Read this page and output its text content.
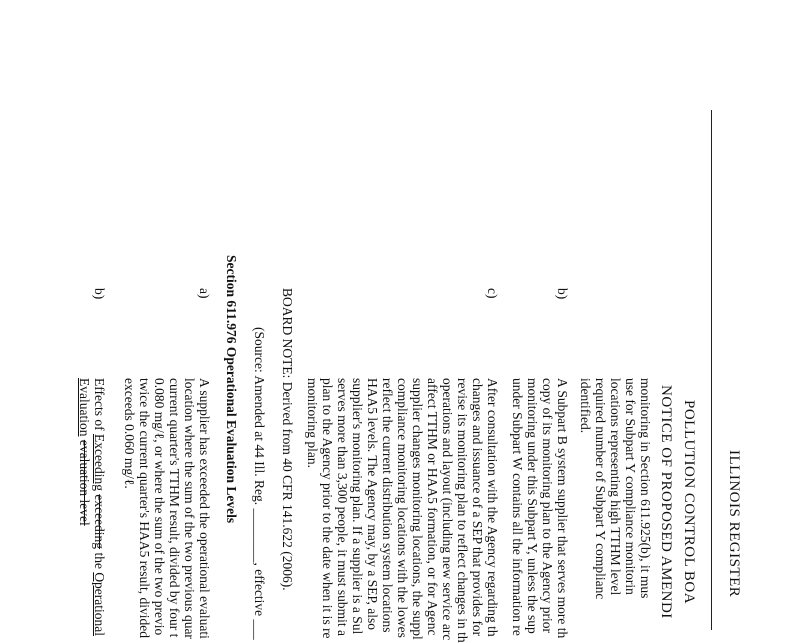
ILLINOIS REGISTER
POLLUTION CONTROL BOA
NOTICE OF PROPOSED AMENDI
monitoring in Section 611.925(b), it mus
use for Subpart Y compliance monitorin
locations representing high TTHM level
required number of Subpart Y complianc
identified.
b)
A Subpart B system supplier that serves more th
copy of its monitoring plan to the Agency prior
monitoring under this Subpart Y, unless the sup
under Subpart W contains all the information re
c)
After consultation with the Agency regarding th
changes and issuance of a SEP that provides for
revise its monitoring plan to reflect changes in th
operations and layout (including new service arc
affect TTHM or HAA5 formation, or for Agenc
supplier changes monitoring locations, the suppl
compliance monitoring locations with the lowes
reflect the current distribution system locations
HAA5 levels. The Agency may, by a SEP, also
supplier's monitoring plan. If a supplier is a Sul
serves more than 3,300 people, it must submit a
plan to the Agency prior to the date when it is re
monitoring plan.
BOARD NOTE: Derived from 40 CFR 141.622 (2006).
(Source: Amended at 44 Ill. Reg. ________, effective ___
Section 611.976 Operational Evaluation Levels
a)
A supplier has exceeded the operational evaluati
location where the sum of the two previous quar
current quarter's TTHM result, divided by four t
0.080 mg/ℓ, or where the sum of the two previo
twice the current quarter's HAA5 result, divided
exceeds 0.060 mg/ℓ.
b)
Effects of Exceeding exceeding the Operational
Evaluation evaluation level
